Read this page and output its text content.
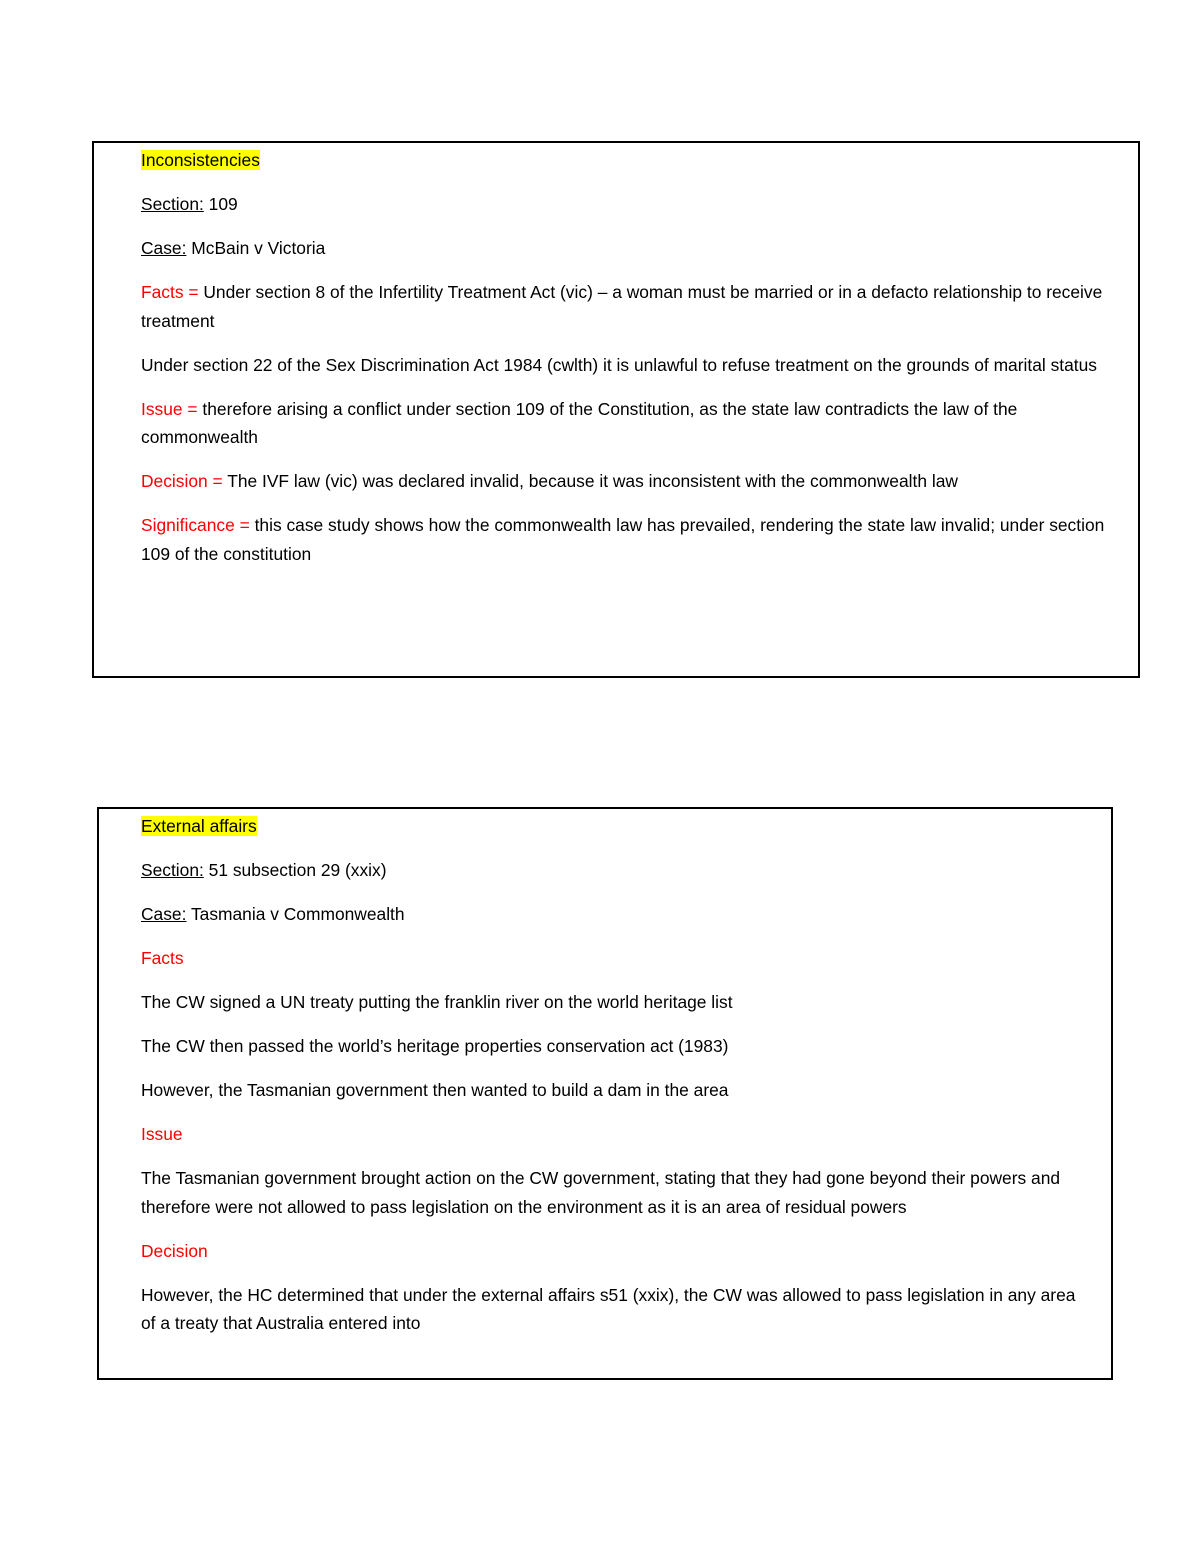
Inconsistencies
Section: 109
Case: McBain v Victoria
Facts = Under section 8 of the Infertility Treatment Act (vic) – a woman must be married or in a defacto relationship to receive treatment
Under section 22 of the Sex Discrimination Act 1984 (cwlth) it is unlawful to refuse treatment on the grounds of marital status
Issue = therefore arising a conflict under section 109 of the Constitution, as the state law contradicts the law of the commonwealth
Decision = The IVF law (vic) was declared invalid, because it was inconsistent with the commonwealth law
Significance = this case study shows how the commonwealth law has prevailed, rendering the state law invalid; under section 109 of the constitution
External affairs
Section: 51 subsection 29 (xxix)
Case: Tasmania v Commonwealth
Facts
The CW signed a UN treaty putting the franklin river on the world heritage list
The CW then passed the world’s heritage properties conservation act (1983)
However, the Tasmanian government then wanted to build a dam in the area
Issue
The Tasmanian government brought action on the CW government, stating that they had gone beyond their powers and therefore were not allowed to pass legislation on the environment as it is an area of residual powers
Decision
However, the HC determined that under the external affairs s51 (xxix), the CW was allowed to pass legislation in any area of a treaty that Australia entered into
